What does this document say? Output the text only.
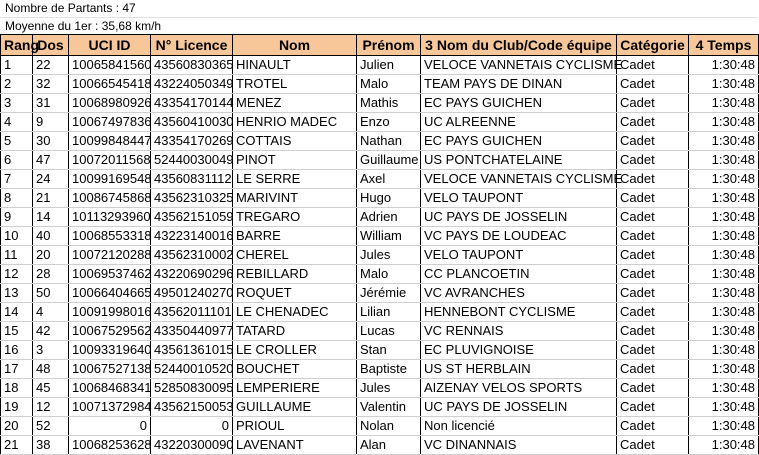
Nombre de Partants : 47
Moyenne du 1er : 35,68 km/h
Rang	Dos	UCI ID	N° Licence	Nom	Prénom	3 Nom du Club/Code équipe	Catégorie	4 Temps
1	22	10065841560	43560830365	HINAULT	Julien	VELOCE VANNETAIS CYCLISME	Cadet	1:30:48
2	32	10066545418	43224050349	TROTEL	Malo	TEAM PAYS DE DINAN	Cadet	1:30:48
3	31	10068980926	43354170144	MENEZ	Mathis	EC PAYS GUICHEN	Cadet	1:30:48
4	9	10067497836	43560410030	HENRIO MADEC	Enzo	UC ALREENNE	Cadet	1:30:48
5	30	10099848447	43354170269	COTTAIS	Nathan	EC PAYS GUICHEN	Cadet	1:30:48
6	47	10072011568	52440030049	PINOT	Guillaume	US PONTCHATELAINE	Cadet	1:30:48
7	24	10099169548	43560831112	LE SERRE	Axel	VELOCE VANNETAIS CYCLISME	Cadet	1:30:48
8	21	10086745868	43562310325	MARIVINT	Hugo	VELO TAUPONT	Cadet	1:30:48
9	14	10113293960	43562151059	TREGARO	Adrien	UC PAYS DE JOSSELIN	Cadet	1:30:48
10	40	10068553318	43223140016	BARRE	William	VC PAYS DE LOUDEAC	Cadet	1:30:48
11	20	10072120288	43562310002	CHEREL	Jules	VELO TAUPONT	Cadet	1:30:48
12	28	10069537462	43220690296	REBILLARD	Malo	CC PLANCOETIN	Cadet	1:30:48
13	50	10066404665	49501240270	ROQUET	Jérémie	VC AVRANCHES	Cadet	1:30:48
14	4	10091998016	43562011101	LE CHENADEC	Lilian	HENNEBONT CYCLISME	Cadet	1:30:48
15	42	10067529562	43350440977	TATARD	Lucas	VC RENNAIS	Cadet	1:30:48
16	3	10093319640	43561361015	LE CROLLER	Stan	EC PLUVIGNOISE	Cadet	1:30:48
17	48	10067527138	52440010520	BOUCHET	Baptiste	US ST HERBLAIN	Cadet	1:30:48
18	45	10068468341	52850830095	LEMPERIERE	Jules	AIZENAY VELOS SPORTS	Cadet	1:30:48
19	12	10071372984	43562150053	GUILLAUME	Valentin	UC PAYS DE JOSSELIN	Cadet	1:30:48
20	52	0	0	PRIOUL	Nolan	Non licencié	Cadet	1:30:48
21	38	10068253628	43220300090	LAVENANT	Alan	VC DINANNAIS	Cadet	1:30:48
